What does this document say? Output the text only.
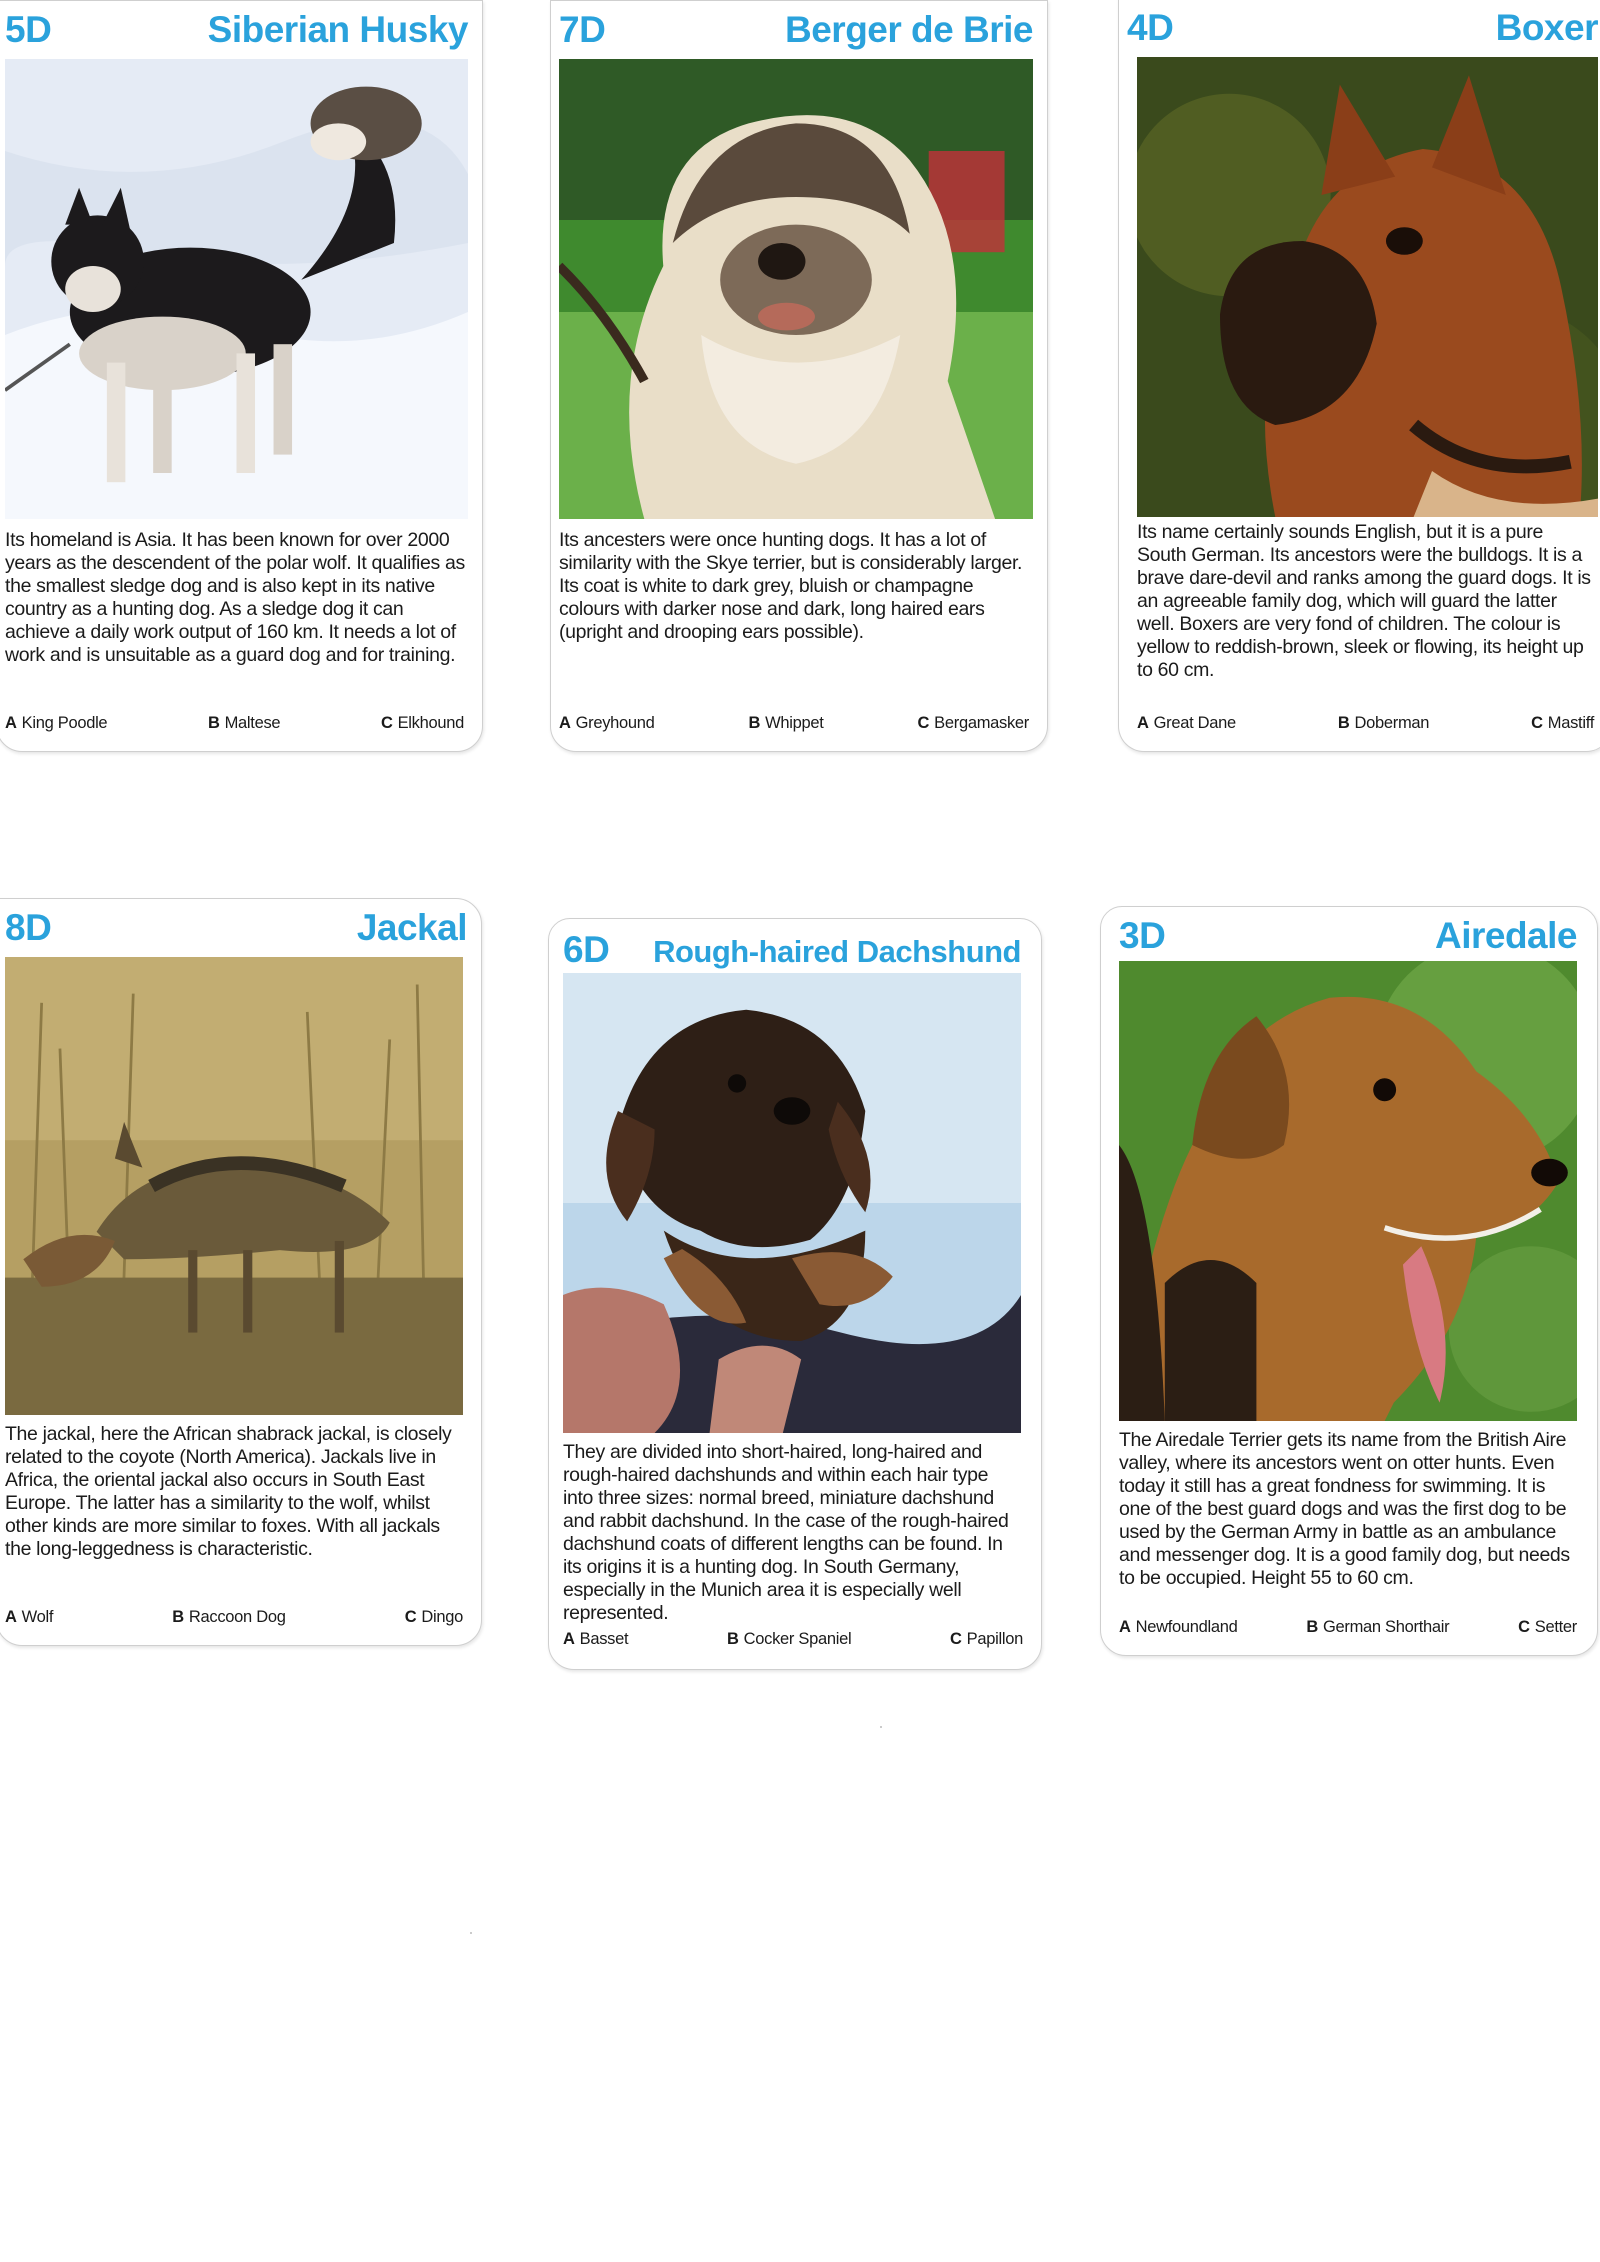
5D	Siberian Husky

Its homeland is Asia. It has been known for over 2000 years as the descendent of the polar wolf. It qualifies as the smallest sledge dog and is also kept in its native country as a hunting dog. As a sledge dog it can achieve a daily work output of 160 km. It needs a lot of work and is unsuitable as a guard dog and for training.

A King Poodle	B Maltese	C Elkhound
7D	Berger de Brie

Its ancesters were once hunting dogs. It has a lot of similarity with the Skye terrier, but is considerably larger. Its coat is white to dark grey, bluish or champagne colours with darker nose and dark, long haired ears (upright and drooping ears possible).

A Greyhound	B Whippet	C Bergamasker
4D	Boxer

Its name certainly sounds English, but it is a pure South German. Its ancestors were the bulldogs. It is a brave dare-devil and ranks among the guard dogs. It is an agreeable family dog, which will guard the latter well. Boxers are very fond of children. The colour is yellow to reddish-brown, sleek or flowing, its height up to 60 cm.

A Great Dane	B Doberman	C Mastiff
8D	Jackal

The jackal, here the African shabrack jackal, is closely related to the coyote (North America). Jackals live in Africa, the oriental jackal also occurs in South East Europe. The latter has a similarity to the wolf, whilst other kinds are more similar to foxes. With all jackals the long-leggedness is characteristic.

A Wolf	B Raccoon Dog	C Dingo
6D Rough-haired Dachshund

They are divided into short-haired, long-haired and rough-haired dachshunds and within each hair type into three sizes: normal breed, miniature dachshund and rabbit dachshund. In the case of the rough-haired dachshund coats of different lengths can be found. In its origins it is a hunting dog. In South Germany, especially in the Munich area it is especially well represented.

A Basset	B Cocker Spaniel	C Papillon
3D	Airedale

The Airedale Terrier gets its name from the British Aire valley, where its ancestors went on otter hunts. Even today it still has a great fondness for swimming. It is one of the best guard dogs and was the first dog to be used by the German Army in battle as an ambulance and messenger dog. It is a good family dog, but needs to be occupied. Height 55 to 60 cm.

A Newfoundland	B German Shorthair	C Setter
